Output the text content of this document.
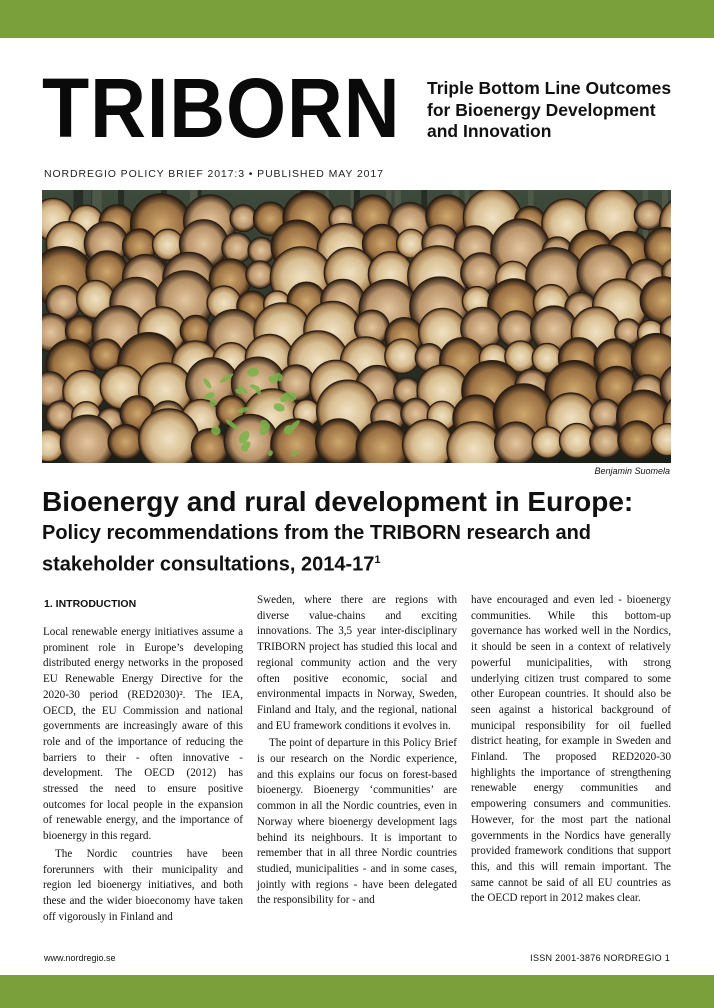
TRIBORN Triple Bottom Line Outcomes for Bioenergy Development and Innovation
NORDREGIO POLICY BRIEF 2017:3 • PUBLISHED MAY 2017
Benjamin Suomela
Bioenergy and rural development in Europe:
Policy recommendations from the TRIBORN research and stakeholder consultations, $2014-17^1$
1. INTRODUCTION

Local renewable energy initiatives assume a prominent role in Europe’s developing distributed energy networks in the proposed EU Renewable Energy Directive for the 2020-30 period (RED2030)². The IEA, OECD, the EU Commission and national governments are increasingly aware of this role and of the importance of reducing the barriers to their - often innovative - development. The OECD (2012) has stressed the need to ensure positive outcomes for local people in the expansion of renewable energy, and the importance of bioenergy in this regard.

The Nordic countries have been forerunners with their municipality and region led bioenergy initiatives, and both these and the wider bioeconomy have taken off vigorously in Finland and

Sweden, where there are regions with diverse value-chains and exciting innovations. The 3,5 year inter-disciplinary TRIBORN project has studied this local and regional community action and the very often positive economic, social and environmental impacts in Norway, Sweden, Finland and Italy, and the regional, national and EU framework conditions it evolves in.

The point of departure in this Policy Brief is our research on the Nordic experience, and this explains our focus on forest-based bioenergy. Bioenergy ‘communities’ are common in all the Nordic countries, even in Norway where bioenergy development lags behind its neighbours. It is important to remember that in all three Nordic countries studied, municipalities - and in some cases, jointly with regions - have been delegated the responsibility for - and

have encouraged and even led - bioenergy communities. While this bottom-up governance has worked well in the Nordics, it should be seen in a context of relatively powerful municipalities, with strong underlying citizen trust compared to some other European countries. It should also be seen against a historical background of municipal responsibility for oil fuelled district heating, for example in Sweden and Finland. The proposed RED2020-30 highlights the importance of strengthening renewable energy communities and empowering consumers and communities. However, for the most part the national governments in the Nordics have generally provided framework conditions that support this, and this will remain important. The same cannot be said of all EU countries as the OECD report in 2012 makes clear.

www.nordregio.se	ISSN 2001-3876 NORDREGIO 1
